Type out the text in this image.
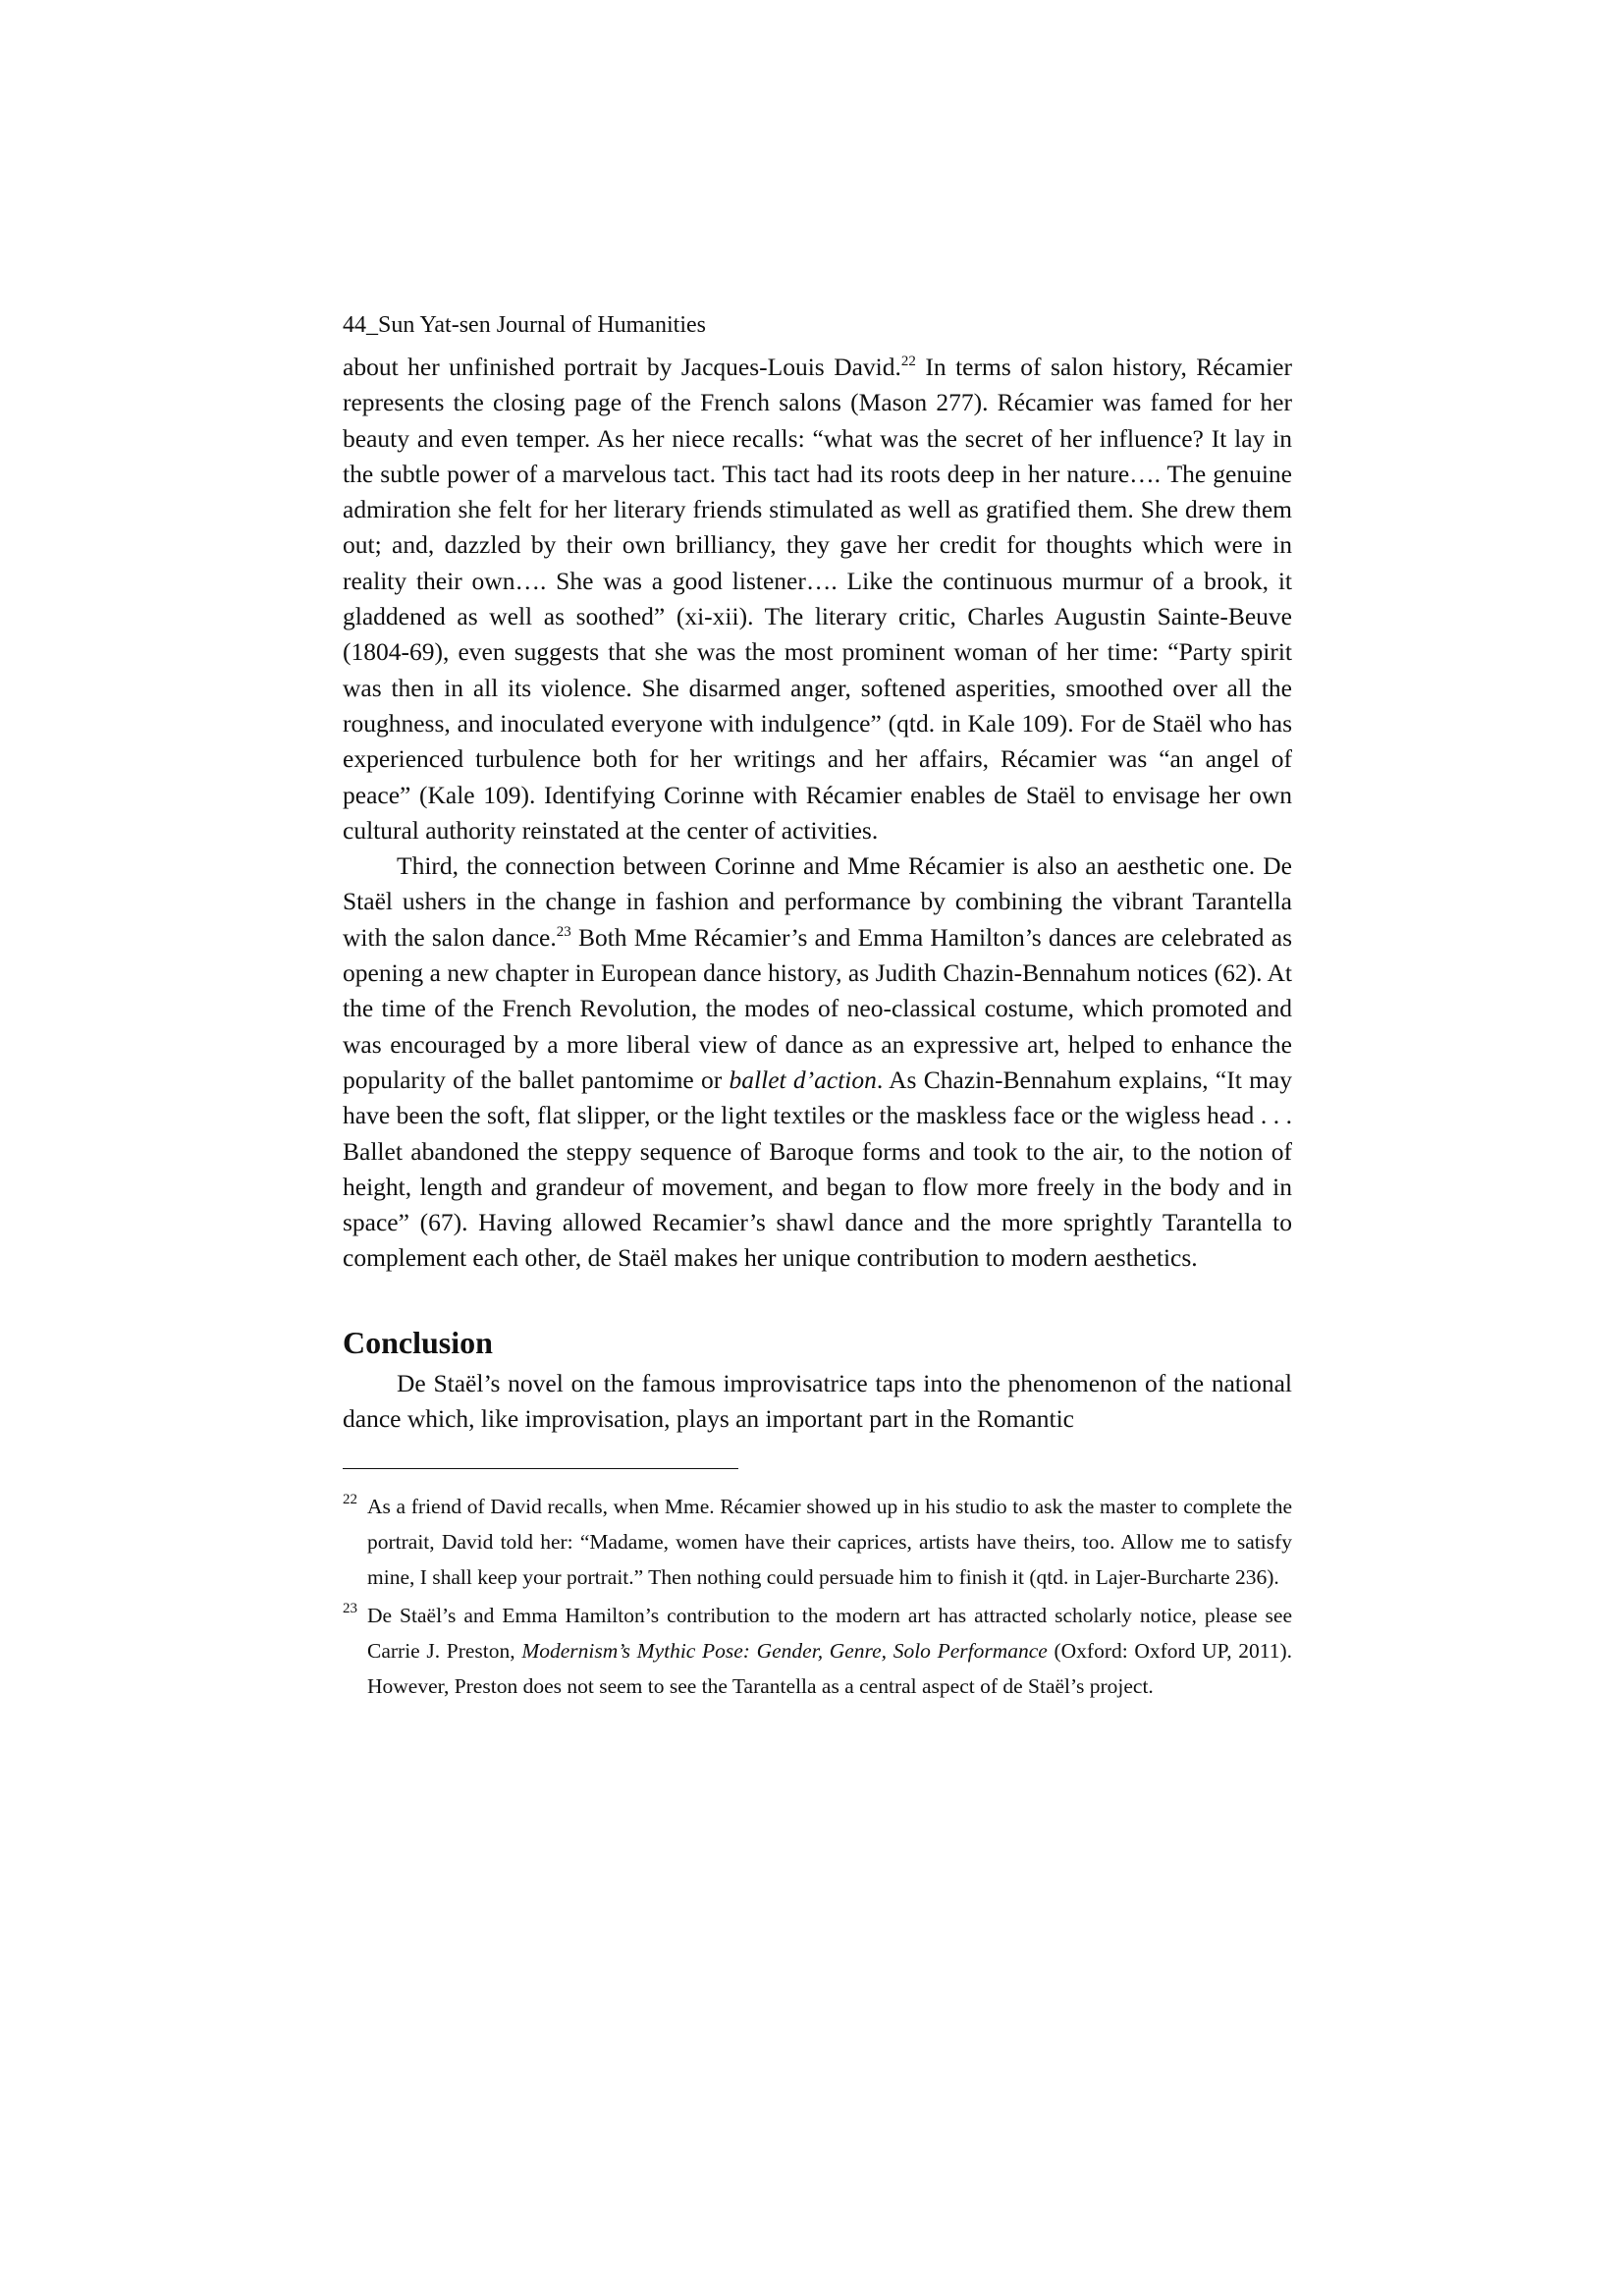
44_Sun Yat-sen Journal of Humanities

about her unfinished portrait by Jacques-Louis David.$^{22}$ In terms of salon history, Récamier represents the closing page of the French salons (Mason 277). Récamier was famed for her beauty and even temper. As her niece recalls: “what was the secret of her influence? It lay in the subtle power of a marvelous tact. This tact had its roots deep in her nature…. The genuine admiration she felt for her literary friends stimulated as well as gratified them. She drew them out; and, dazzled by their own brilliancy, they gave her credit for thoughts which were in reality their own…. She was a good listener…. Like the continuous murmur of a brook, it gladdened as well as soothed” (xi-xii). The literary critic, Charles Augustin Sainte-Beuve (1804-69), even suggests that she was the most prominent woman of her time: “Party spirit was then in all its violence. She disarmed anger, softened asperities, smoothed over all the roughness, and inoculated everyone with indulgence” (qtd. in Kale 109). For de Staël who has experienced turbulence both for her writings and her affairs, Récamier was “an angel of peace” (Kale 109). Identifying Corinne with Récamier enables de Staël to envisage her own cultural authority reinstated at the center of activities.

Third, the connection between Corinne and Mme Récamier is also an aesthetic one. De Staël ushers in the change in fashion and performance by combining the vibrant Tarantella with the salon dance.$^{23}$ Both Mme Récamier’s and Emma Hamilton’s dances are celebrated as opening a new chapter in European dance history, as Judith Chazin-Bennahum notices (62). At the time of the French Revolution, the modes of neo-classical costume, which promoted and was encouraged by a more liberal view of dance as an expressive art, helped to enhance the popularity of the ballet pantomime or ballet d’action. As Chazin-Bennahum explains, “It may have been the soft, flat slipper, or the light textiles or the maskless face or the wigless head . . . Ballet abandoned the steppy sequence of Baroque forms and took to the air, to the notion of height, length and grandeur of movement, and began to flow more freely in the body and in space” (67). Having allowed Recamier’s shawl dance and the more sprightly Tarantella to complement each other, de Staël makes her unique contribution to modern aesthetics.

Conclusion

De Staël’s novel on the famous improvisatrice taps into the phenomenon of the national dance which, like improvisation, plays an important part in the Romantic

$^{22}$ As a friend of David recalls, when Mme. Récamier showed up in his studio to ask the master to complete the portrait, David told her: “Madame, women have their caprices, artists have theirs, too. Allow me to satisfy mine, I shall keep your portrait.” Then nothing could persuade him to finish it (qtd. in Lajer-Burcharte 236).

$^{23}$ De Staël’s and Emma Hamilton’s contribution to the modern art has attracted scholarly notice, please see Carrie J. Preston, Modernism’s Mythic Pose: Gender, Genre, Solo Performance (Oxford: Oxford UP, 2011). However, Preston does not seem to see the Tarantella as a central aspect of de Staël’s project.
